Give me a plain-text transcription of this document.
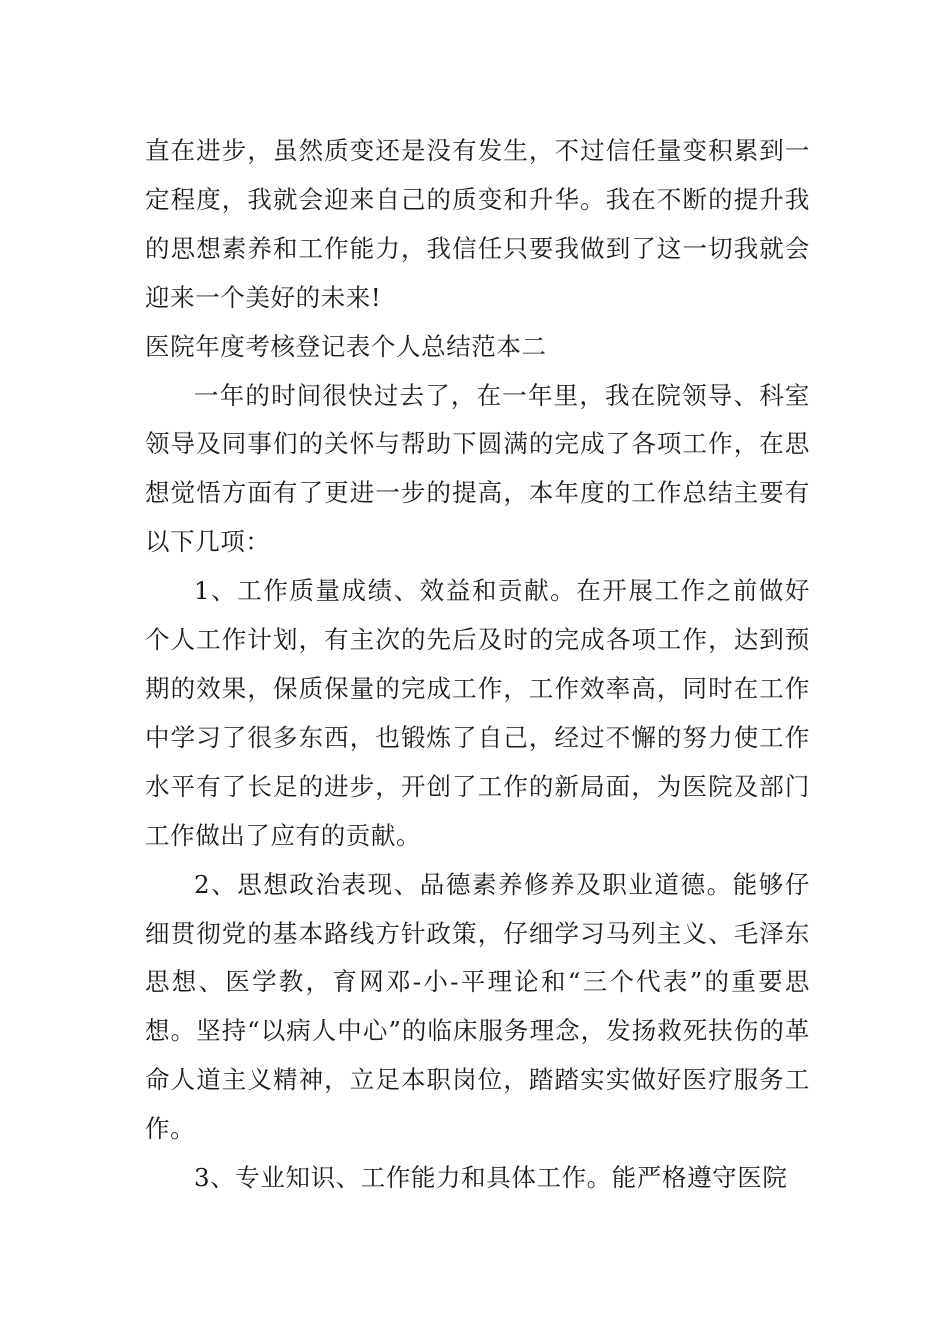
直在进步，虽然质变还是没有发生，不过信任量变积累到一定程度，我就会迎来自己的质变和升华。我在不断的提升我的思想素养和工作能力，我信任只要我做到了这一切我就会迎来一个美好的未来!

医院年度考核登记表个人总结范本二

一年的时间很快过去了，在一年里，我在院领导、科室领导及同事们的关怀与帮助下圆满的完成了各项工作，在思想觉悟方面有了更进一步的提高，本年度的工作总结主要有以下几项：

1、工作质量成绩、效益和贡献。在开展工作之前做好个人工作计划，有主次的先后及时的完成各项工作，达到预期的效果，保质保量的完成工作，工作效率高，同时在工作中学习了很多东西，也锻炼了自己，经过不懈的努力使工作水平有了长足的进步，开创了工作的新局面，为医院及部门工作做出了应有的贡献。

2、思想政治表现、品德素养修养及职业道德。能够仔细贯彻党的基本路线方针政策，仔细学习马列主义、毛泽东思想、医学教，育网邓-小-平理论和“三个代表”的重要思想。坚持“以病人中心”的临床服务理念，发扬救死扶伤的革命人道主义精神，立足本职岗位，踏踏实实做好医疗服务工作。

3、专业知识、工作能力和具体工作。能严格遵守医院
